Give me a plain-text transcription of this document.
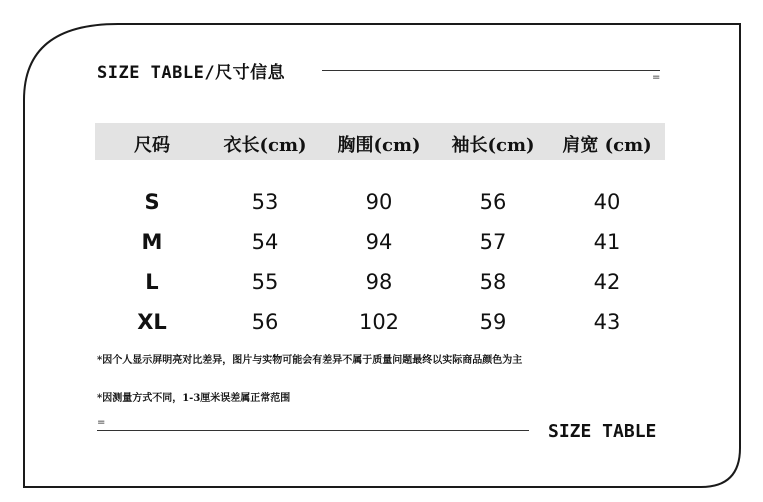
SIZE TABLE/尺寸信息	=
尺码	衣长(cm) 胸围(cm) 袖长(cm) 肩宽 (cm)
S	53	90	56	40
M	54	94	57	41
L	55	98	58	42
XL	56	102	59	43
*因个人显示屏明亮对比差异，图片与实物可能会有差异不属于质量问题最终以实际商品颜色为主
*因测量方式不同，1-3厘米误差属正常范围
=	SIZE TABLE
